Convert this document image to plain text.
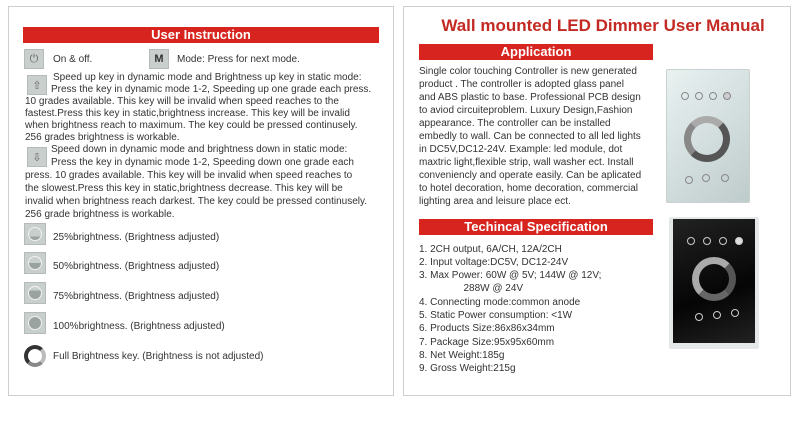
User Instruction
⏻	On & off.	M	Mode: Press for next mode.
⇧
Speed up key in dynamic mode and Brightness up key in static mode:
Press the key in dynamic mode 1-2, Speeding up one grade each press.
10 grades available. This key will be invalid when speed reaches to the
fastest.Press this key in static,brightness increase. This key will be invalid
when brightness reach to maximum. The key could be pressed continusely.
256 grades brightness is workable.
⇩
Speed down in dynamic mode and brightness down in static mode:
Press the key in dynamic mode 1-2, Speeding down one grade each
press. 10 grades available. This key will be invalid when speed reaches to
the slowest.Press this key in static,brightness decrease. This key will be
invalid when brightness reach darkest. The key could be pressed continusely.
256 grade brightness is workable.
25%brightness. (Brightness adjusted)
50%brightness. (Brightness adjusted)
75%brightness. (Brightness adjusted)
100%brightness. (Brightness adjusted)
Full Brightness key. (Brightness is not adjusted)
Wall mounted LED Dimmer User Manual
Application
Single color touching Controller is new generated
product . The controller is adopted glass panel
and ABS plastic to base. Professional PCB design
to aviod circuiteproblem. Luxury Design,Fashion
appearance. The controller can be installed
embedly to wall. Can be connected to all led lights
in DC5V,DC12-24V. Example: led module, dot
maxtric light,flexible strip, wall washer ect. Install
conveniencly and operate easily. Can be aplicated
to hotel decoration, home decoration, commercial
lighting area and leisure place ect.
Techincal Specification
1. 2CH output, 6A/CH, 12A/2CH
2. Input voltage:DC5V, DC12-24V
3. Max Power: 60W @ 5V; 144W @ 12V;
288W @ 24V
4. Connecting mode:common anode
5. Static Power consumption: <1W
6. Products Size:86x86x34mm
7. Package Size:95x95x60mm
8. Net Weight:185g
9. Gross Weight:215g
